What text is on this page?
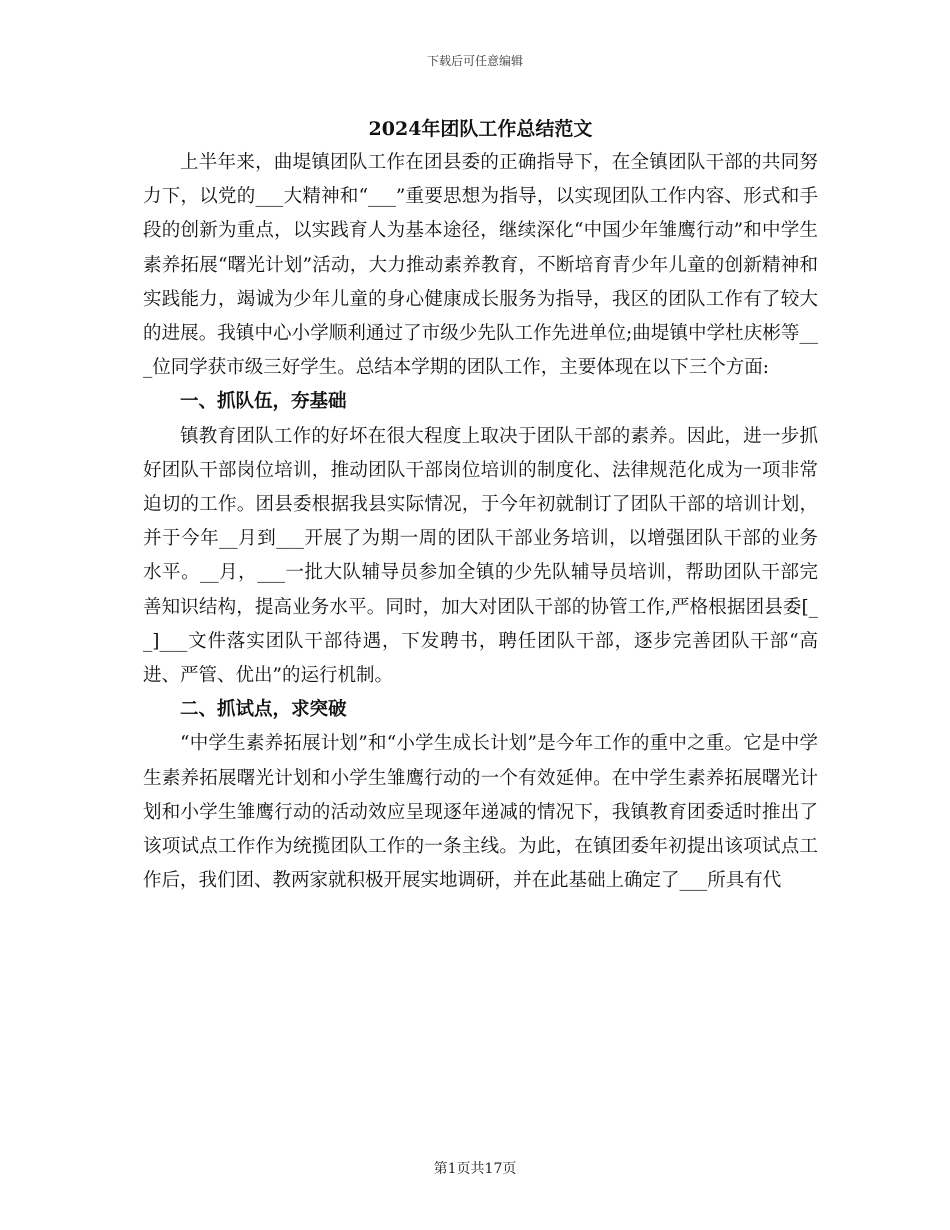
下载后可任意编辑

2024年团队工作总结范文

上半年来，曲堤镇团队工作在团县委的正确指导下，在全镇团队干部的共同努力下，以党的___大精神和“___”重要思想为指导，以实现团队工作内容、形式和手段的创新为重点，以实践育人为基本途径，继续深化“中国少年雏鹰行动”和中学生素养拓展“曙光计划”活动，大力推动素养教育，不断培育青少年儿童的创新精神和实践能力，竭诚为少年儿童的身心健康成长服务为指导，我区的团队工作有了较大的进展。我镇中心小学顺利通过了市级少先队工作先进单位;曲堤镇中学杜庆彬等___位同学获市级三好学生。总结本学期的团队工作，主要体现在以下三个方面:

一、抓队伍，夯基础

镇教育团队工作的好坏在很大程度上取决于团队干部的素养。因此，进一步抓好团队干部岗位培训，推动团队干部岗位培训的制度化、法律规范化成为一项非常迫切的工作。团县委根据我县实际情况，于今年初就制订了团队干部的培训计划，并于今年__月到___开展了为期一周的团队干部业务培训，以增强团队干部的业务水平。__月，___一批大队辅导员参加全镇的少先队辅导员培训，帮助团队干部完善知识结构，提高业务水平。同时，加大对团队干部的协管工作,严格根据团县委[__]___文件落实团队干部待遇，下发聘书，聘任团队干部，逐步完善团队干部“高进、严管、优出”的运行机制。

二、抓试点，求突破

“中学生素养拓展计划”和“小学生成长计划”是今年工作的重中之重。它是中学生素养拓展曙光计划和小学生雏鹰行动的一个有效延伸。在中学生素养拓展曙光计划和小学生雏鹰行动的活动效应呈现逐年递减的情况下，我镇教育团委适时推出了该项试点工作作为统揽团队工作的一条主线。为此，在镇团委年初提出该项试点工作后，我们团、教两家就积极开展实地调研，并在此基础上确定了___所具有代

第1页共17页
